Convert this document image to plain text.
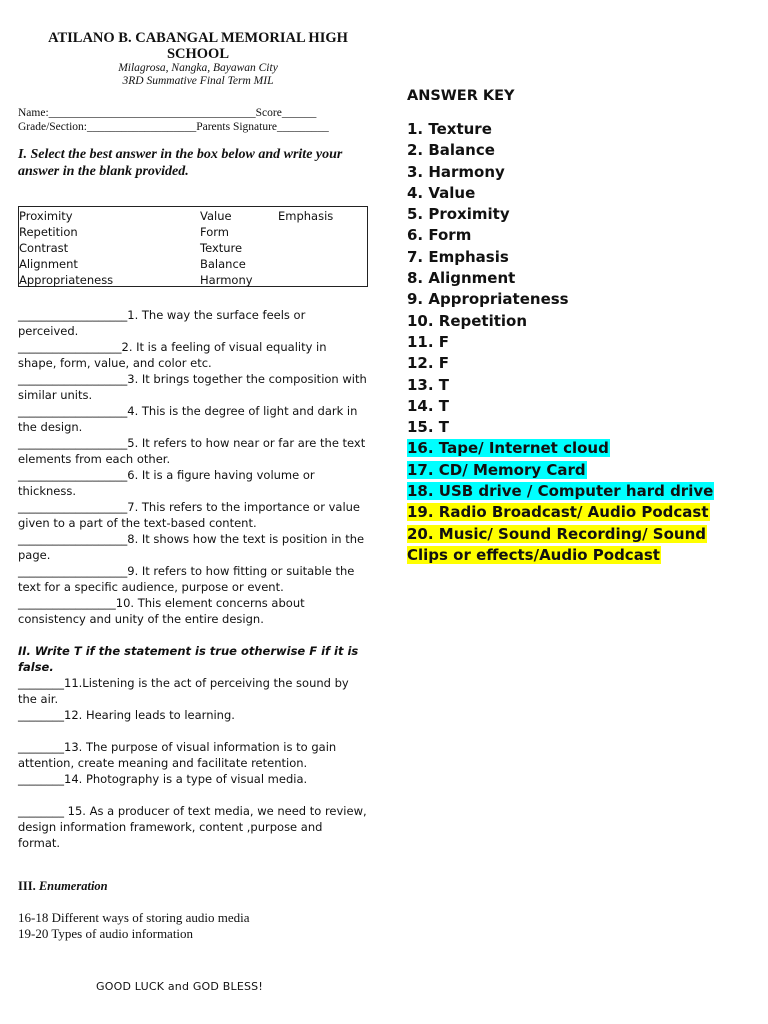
ATILANO B. CABANGAL MEMORIAL HIGH SCHOOL
Milagrosa, Nangka, Bayawan City
3RD Summative Final Term MIL
Name:____________________________________Score______
Grade/Section:___________________Parents Signature_________
I. Select the best answer in the box below and write your answer in the blank provided.
Proximity
Repetition
Contrast
Alignment
Appropriateness
Value
Form
Texture
Balance
Harmony
Emphasis

___________________1. The way the surface feels or perceived.

__________________2. It is a feeling of visual equality in shape, form, value, and color etc.

___________________3. It brings together the composition with similar units.

___________________4. This is the degree of light and dark in the design.

___________________5. It refers to how near or far are the text elements from each other.

___________________6. It is a figure having volume or thickness.

___________________7. This refers to the importance or value given to a part of the text-based content.

___________________8. It shows how the text is position in the page.

___________________9. It refers to how fitting or suitable the text for a specific audience, purpose or event.

_________________10. This element concerns about consistency and unity of the entire design.

II. Write T if the statement is true otherwise F if it is false.

________11.Listening is the act of perceiving the sound by the air.

________12. Hearing leads to learning.

________13. The purpose of visual information is to gain attention, create meaning and facilitate retention.

________14. Photography is a type of visual media.

________ 15. As a producer of text media, we need to review, design information framework, content ,purpose and format.

III. Enumeration
16-18 Different ways of storing audio media
19-20 Types of audio information
GOOD LUCK and GOD BLESS!
ANSWER KEY

1. Texture

2. Balance

3. Harmony

4. Value

5. Proximity

6. Form

7. Emphasis

8. Alignment

9. Appropriateness

10. Repetition

11. F

12. F

13. T

14. T

15. T

16. Tape/ Internet cloud

17. CD/ Memory Card

18. USB drive / Computer hard drive

19. Radio Broadcast/ Audio Podcast

20. Music/ Sound Recording/ Sound

Clips or effects/Audio Podcast
